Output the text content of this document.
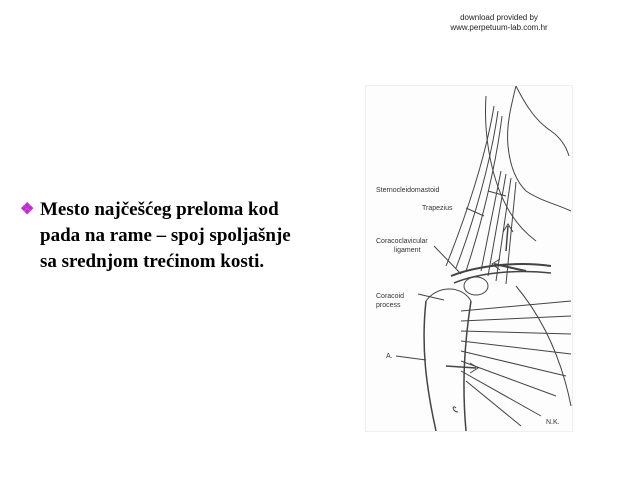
download provided by
www.perpetuum-lab.com.hr
❖ Mesto najčešćeg preloma kod
pada na rame – spoj spoljašnje
sa srednjom trećinom kosti.
Sternocleidomastoid
Trapezius
Coracoclavicular
ligament
Coracoid
process
A.
N.K.
